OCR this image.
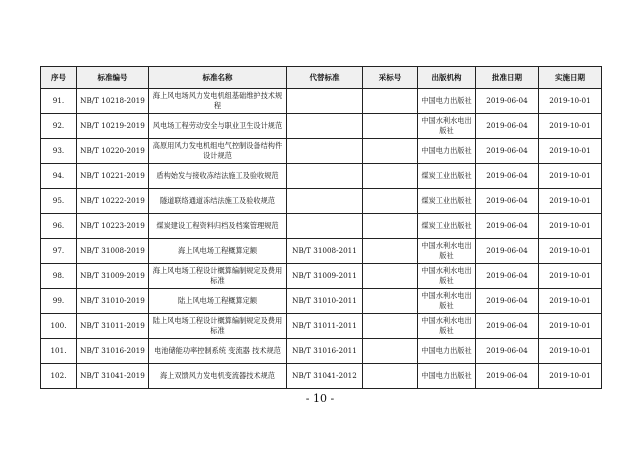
序号	标准编号	标准名称	代替标准	采标号	出版机构	批准日期	实施日期
91.	NB/T 10218-2019	海上风电场风力发电机组基础维护技术规程			中国电力出版社	2019-06-04	2019-10-01
92.	NB/T 10219-2019	风电场工程劳动安全与职业卫生设计规范			中国水利水电出版社	2019-06-04	2019-10-01
93.	NB/T 10220-2019	高原用风力发电机组电气控制设备结构件设计规范			中国电力出版社	2019-06-04	2019-10-01
94.	NB/T 10221-2019	盾构始发与接收冻结法施工及验收规范			煤炭工业出版社	2019-06-04	2019-10-01
95.	NB/T 10222-2019	隧道联络通道冻结法施工及验收规范			煤炭工业出版社	2019-06-04	2019-10-01
96.	NB/T 10223-2019	煤炭建设工程资料归档及档案管理规范			煤炭工业出版社	2019-06-04	2019-10-01
97.	NB/T 31008-2019	海上风电场工程概算定额	NB/T 31008-2011		中国水利水电出版社	2019-06-04	2019-10-01
98.	NB/T 31009-2019	海上风电场工程设计概算编制规定及费用标准	NB/T 31009-2011		中国水利水电出版社	2019-06-04	2019-10-01
99.	NB/T 31010-2019	陆上风电场工程概算定额	NB/T 31010-2011		中国水利水电出版社	2019-06-04	2019-10-01
100.	NB/T 31011-2019	陆上风电场工程设计概算编制规定及费用标准	NB/T 31011-2011		中国水利水电出版社	2019-06-04	2019-10-01
101.	NB/T 31016-2019	电池储能功率控制系统 变流器 技术规范	NB/T 31016-2011		中国电力出版社	2019-06-04	2019-10-01
102.	NB/T 31041-2019	海上双馈风力发电机变流器技术规范	NB/T 31041-2012		中国电力出版社	2019-06-04	2019-10-01
- 10 -
